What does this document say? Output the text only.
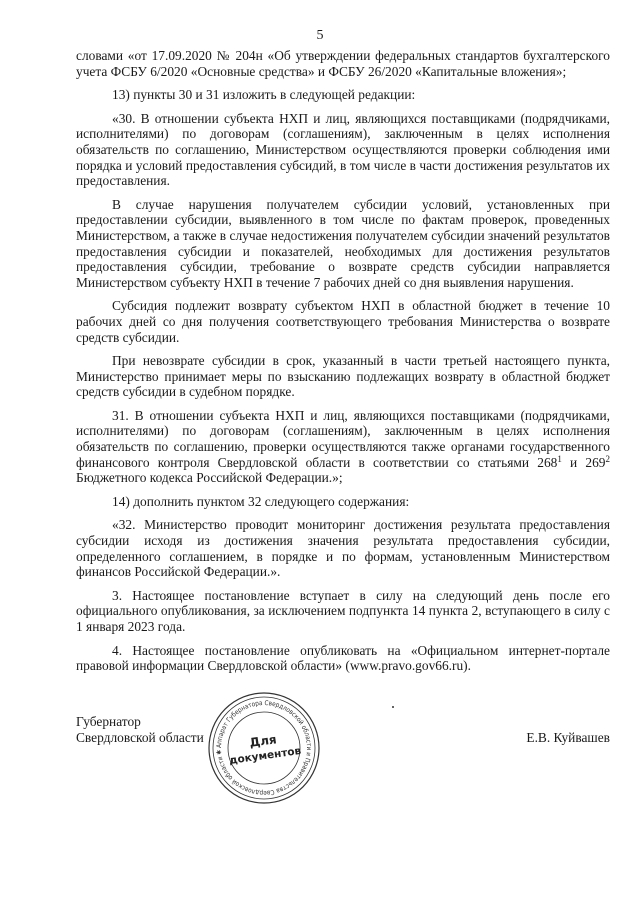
5

словами «от 17.09.2020 № 204н «Об утверждении федеральных стандартов бухгалтерского учета ФСБУ 6/2020 «Основные средства» и ФСБУ 26/2020 «Капитальные вложения»;

13) пункты 30 и 31 изложить в следующей редакции:

«30. В отношении субъекта НХП и лиц, являющихся поставщиками (подрядчиками, исполнителями) по договорам (соглашениям), заключенным в целях исполнения обязательств по соглашению, Министерством осуществляются проверки соблюдения ими порядка и условий предоставления субсидий, в том числе в части достижения результатов их предоставления.

В случае нарушения получателем субсидии условий, установленных при предоставлении субсидии, выявленного в том числе по фактам проверок, проведенных Министерством, а также в случае недостижения получателем субсидии значений результатов предоставления субсидии и показателей, необходимых для достижения результатов предоставления субсидии, требование о возврате средств субсидии направляется Министерством субъекту НХП в течение 7 рабочих дней со дня выявления нарушения.

Субсидия подлежит возврату субъектом НХП в областной бюджет в течение 10 рабочих дней со дня получения соответствующего требования Министерства о возврате средств субсидии.

При невозврате субсидии в срок, указанный в части третьей настоящего пункта, Министерство принимает меры по взысканию подлежащих возврату в областной бюджет средств субсидии в судебном порядке.

31. В отношении субъекта НХП и лиц, являющихся поставщиками (подрядчиками, исполнителями) по договорам (соглашениям), заключенным в целях исполнения обязательств по соглашению, проверки осуществляются также органами государственного финансового контроля Свердловской области в соответствии со статьями $268^1$ и $269^2$ Бюджетного кодекса Российской Федерации.»;

14) дополнить пунктом 32 следующего содержания:

«32. Министерство проводит мониторинг достижения результата предоставления субсидии исходя из достижения значения результата предоставления субсидии, определенного соглашением, в порядке и по формам, установленным Министерством финансов Российской Федерации.».

3. Настоящее постановление вступает в силу на следующий день после его официального опубликования, за исключением подпункта 14 пункта 2, вступающего в силу с 1 января 2023 года.

4. Настоящее постановление опубликовать на «Официальном интернет-портале правовой информации Свердловской области» (www.pravo.gov66.ru).

Губернатор
Свердловской области	Е.В. Куйвашев
Аппарат Губернатора Свердловской области и Правительства Свердловской области ✱
Для
документов
